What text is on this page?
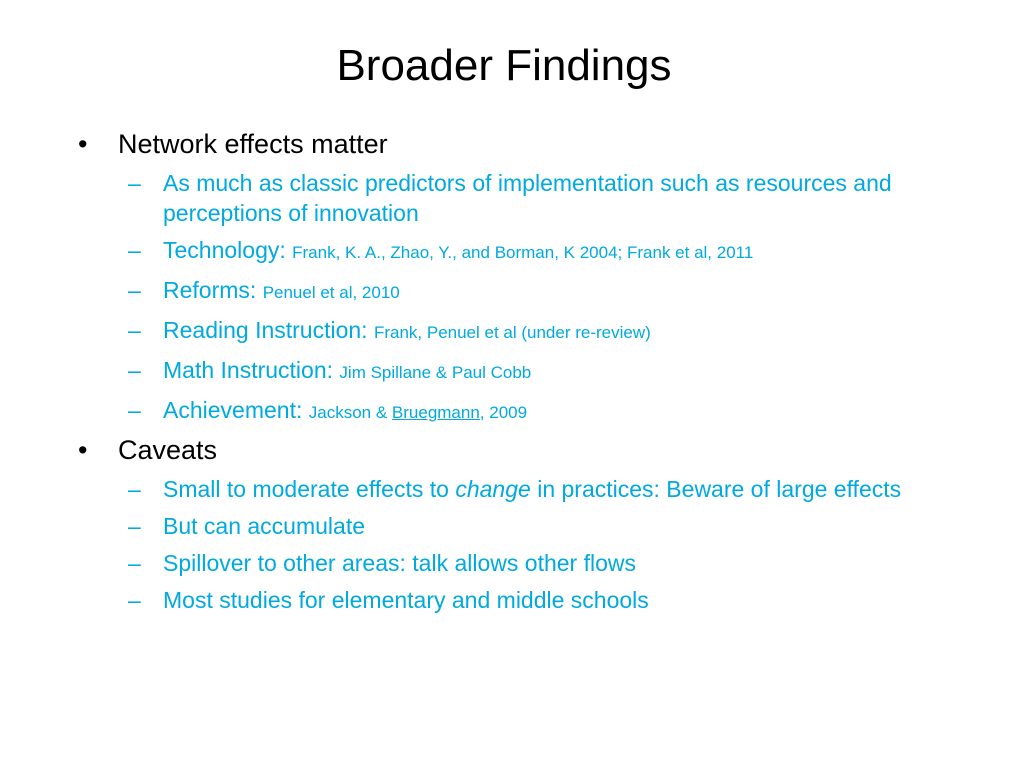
Broader Findings
• Network effects matter
– As much as classic predictors of implementation such as resources and perceptions of innovation
– Technology: Frank, K. A., Zhao, Y., and Borman, K 2004; Frank et al, 2011
– Reforms: Penuel et al, 2010
– Reading Instruction: Frank, Penuel et al (under re-review)
– Math Instruction: Jim Spillane & Paul Cobb
– Achievement: Jackson & Bruegmann, 2009
• Caveats
– Small to moderate effects to change in practices: Beware of large effects
– But can accumulate
– Spillover to other areas: talk allows other flows
– Most studies for elementary and middle schools
